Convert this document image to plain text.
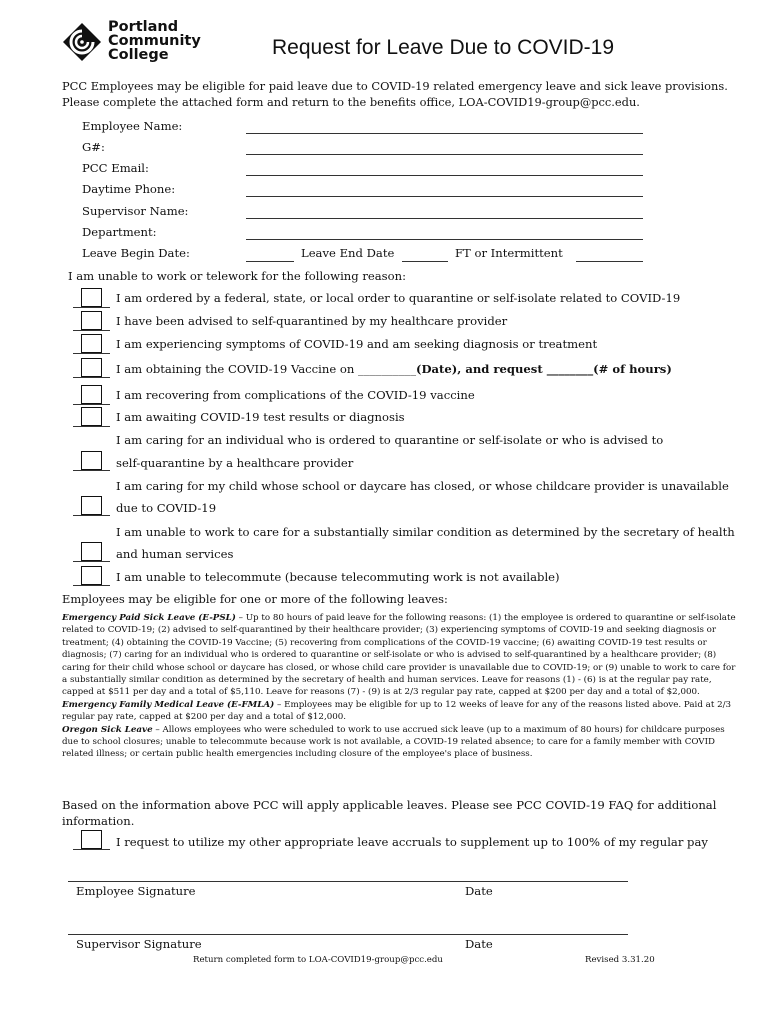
Portland
Community
College	Request for Leave Due to COVID-19
PCC Employees may be eligible for paid leave due to COVID-19 related emergency leave and sick leave provisions. Please complete the attached form and return to the benefits office, LOA-COVID19-group@pcc.edu.
Employee Name:
G#:
PCC Email:
Daytime Phone:
Supervisor Name:
Department:
Leave Begin Date:	Leave End Date	FT or Intermittent
I am unable to work or telework for the following reason:
I am ordered by a federal, state, or local order to quarantine or self-isolate related to COVID-19
I have been advised to self-quarantined by my healthcare provider
I am experiencing symptoms of COVID-19 and am seeking diagnosis or treatment
I am obtaining the COVID-19 Vaccine on __________(Date), and request ________(# of hours)
I am recovering from complications of the COVID-19 vaccine
I am awaiting COVID-19 test results or diagnosis
I am caring for an individual who is ordered to quarantine or self-isolate or who is advised to
self-quarantine by a healthcare provider
I am caring for my child whose school or daycare has closed, or whose childcare provider is unavailable
due to COVID-19
I am unable to work to care for a substantially similar condition as determined by the secretary of health
and human services
I am unable to telecommute (because telecommuting work is not available)
Employees may be eligible for one or more of the following leaves:
Emergency Paid Sick Leave (E-PSL) – Up to 80 hours of paid leave for the following reasons: (1) the employee is ordered to quarantine or self-isolate related to COVID-19; (2) advised to self-quarantined by their healthcare provider; (3) experiencing symptoms of COVID-19 and seeking diagnosis or treatment; (4) obtaining the COVID-19 Vaccine; (5) recovering from complications of the COVID-19 vaccine; (6) awaiting COVID-19 test results or diagnosis; (7) caring for an individual who is ordered to quarantine or self-isolate or who is advised to self-quarantined by a healthcare provider; (8) caring for their child whose school or daycare has closed, or whose child care provider is unavailable due to COVID-19; or (9) unable to work to care for a substantially similar condition as determined by the secretary of health and human services. Leave for reasons (1) - (6) is at the regular pay rate, capped at $511 per day and a total of $5,110. Leave for reasons (7) - (9) is at 2/3 regular pay rate, capped at $200 per day and a total of $2,000.
Emergency Family Medical Leave (E-FMLA) – Employees may be eligible for up to 12 weeks of leave for any of the reasons listed above. Paid at 2/3 regular pay rate, capped at $200 per day and a total of $12,000.
Oregon Sick Leave – Allows employees who were scheduled to work to use accrued sick leave (up to a maximum of 80 hours) for childcare purposes due to school closures; unable to telecommute because work is not available, a COVID-19 related absence; to care for a family member with COVID related illness; or certain public health emergencies including closure of the employee's place of business.
Based on the information above PCC will apply applicable leaves. Please see PCC COVID-19 FAQ for additional information.
I request to utilize my other appropriate leave accruals to supplement up to 100% of my regular pay
Employee Signature	Date
Supervisor Signature	Date
Return completed form to LOA-COVID19-group@pcc.edu	Revised 3.31.20
